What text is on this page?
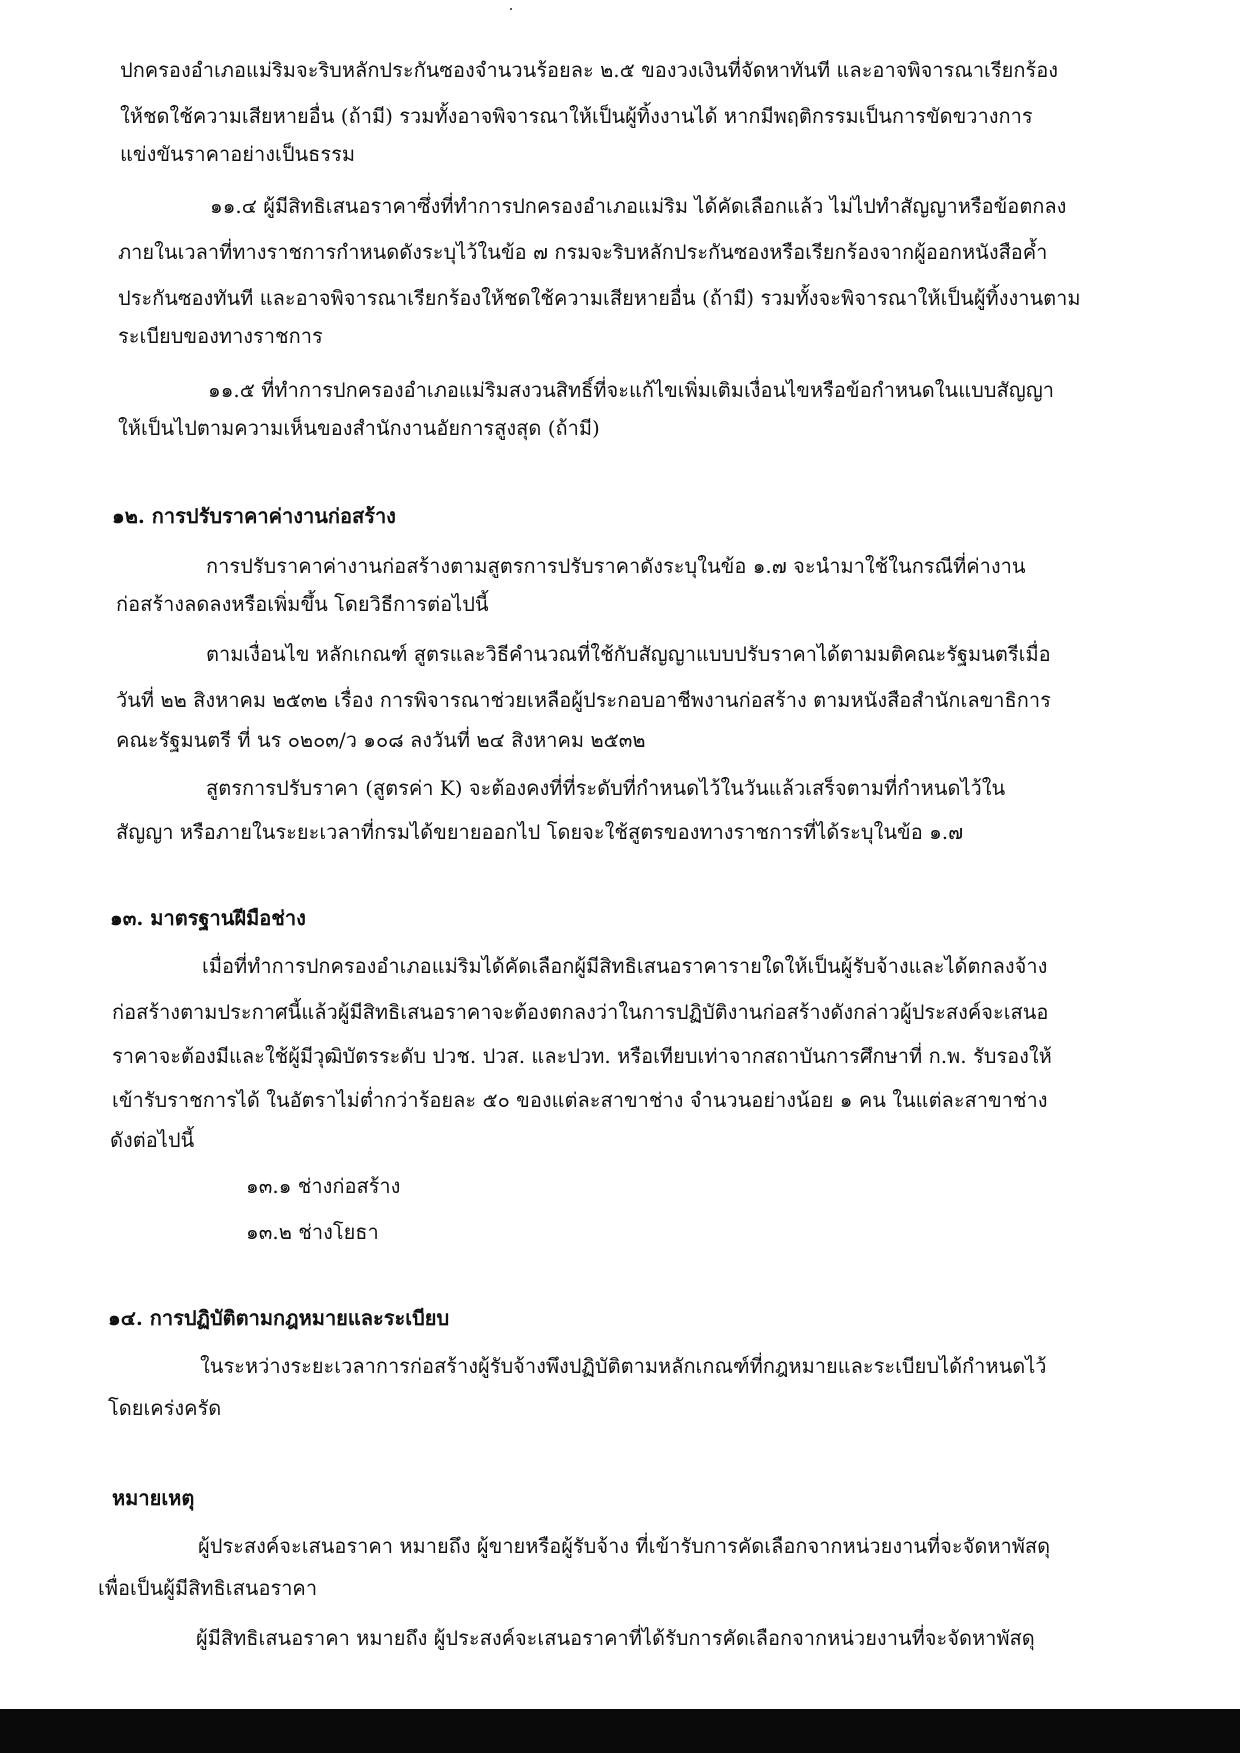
ปกครองอำเภอแม่ริมจะริบหลักประกันซองจำนวนร้อยละ ๒.๕ ของวงเงินที่จัดหาทันที และอาจพิจารณาเรียกร้อง
ให้ชดใช้ความเสียหายอื่น (ถ้ามี) รวมทั้งอาจพิจารณาให้เป็นผู้ทิ้งงานได้ หากมีพฤติกรรมเป็นการขัดขวางการ
แข่งขันราคาอย่างเป็นธรรม
๑๑.๔ ผู้มีสิทธิเสนอราคาซึ่งที่ทำการปกครองอำเภอแม่ริม ได้คัดเลือกแล้ว ไม่ไปทำสัญญาหรือข้อตกลง
ภายในเวลาที่ทางราชการกำหนดดังระบุไว้ในข้อ ๗ กรมจะริบหลักประกันซองหรือเรียกร้องจากผู้ออกหนังสือค้ำ
ประกันซองทันที และอาจพิจารณาเรียกร้องให้ชดใช้ความเสียหายอื่น (ถ้ามี) รวมทั้งจะพิจารณาให้เป็นผู้ทิ้งงานตาม
ระเบียบของทางราชการ
๑๑.๕ ที่ทำการปกครองอำเภอแม่ริมสงวนสิทธิ์ที่จะแก้ไขเพิ่มเติมเงื่อนไขหรือข้อกำหนดในแบบสัญญา
ให้เป็นไปตามความเห็นของสำนักงานอัยการสูงสุด (ถ้ามี)
๑๒. การปรับราคาค่างานก่อสร้าง
การปรับราคาค่างานก่อสร้างตามสูตรการปรับราคาดังระบุในข้อ ๑.๗ จะนำมาใช้ในกรณีที่ค่างาน
ก่อสร้างลดลงหรือเพิ่มขึ้น โดยวิธีการต่อไปนี้
ตามเงื่อนไข หลักเกณฑ์ สูตรและวิธีคำนวณที่ใช้กับสัญญาแบบปรับราคาได้ตามมติคณะรัฐมนตรีเมื่อ
วันที่ ๒๒ สิงหาคม ๒๕๓๒ เรื่อง การพิจารณาช่วยเหลือผู้ประกอบอาชีพงานก่อสร้าง ตามหนังสือสำนักเลขาธิการ
คณะรัฐมนตรี ที่ นร ๐๒๐๓/ว ๑๐๘ ลงวันที่ ๒๔ สิงหาคม ๒๕๓๒
สูตรการปรับราคา (สูตรค่า K) จะต้องคงที่ที่ระดับที่กำหนดไว้ในวันแล้วเสร็จตามที่กำหนดไว้ใน
สัญญา หรือภายในระยะเวลาที่กรมได้ขยายออกไป โดยจะใช้สูตรของทางราชการที่ได้ระบุในข้อ ๑.๗
๑๓. มาตรฐานฝีมือช่าง
เมื่อที่ทำการปกครองอำเภอแม่ริมได้คัดเลือกผู้มีสิทธิเสนอราคารายใดให้เป็นผู้รับจ้างและได้ตกลงจ้าง
ก่อสร้างตามประกาศนี้แล้วผู้มีสิทธิเสนอราคาจะต้องตกลงว่าในการปฏิบัติงานก่อสร้างดังกล่าวผู้ประสงค์จะเสนอ
ราคาจะต้องมีและใช้ผู้มีวุฒิบัตรระดับ ปวช. ปวส. และปวท. หรือเทียบเท่าจากสถาบันการศึกษาที่ ก.พ. รับรองให้
เข้ารับราชการได้ ในอัตราไม่ต่ำกว่าร้อยละ ๕๐ ของแต่ละสาขาช่าง จำนวนอย่างน้อย ๑ คน ในแต่ละสาขาช่าง
ดังต่อไปนี้
๑๓.๑ ช่างก่อสร้าง
๑๓.๒ ช่างโยธา
๑๔. การปฏิบัติตามกฎหมายและระเบียบ
ในระหว่างระยะเวลาการก่อสร้างผู้รับจ้างพึงปฏิบัติตามหลักเกณฑ์ที่กฎหมายและระเบียบได้กำหนดไว้
โดยเคร่งครัด
หมายเหตุ
ผู้ประสงค์จะเสนอราคา หมายถึง ผู้ขายหรือผู้รับจ้าง ที่เข้ารับการคัดเลือกจากหน่วยงานที่จะจัดหาพัสดุ
เพื่อเป็นผู้มีสิทธิเสนอราคา
ผู้มีสิทธิเสนอราคา หมายถึง ผู้ประสงค์จะเสนอราคาที่ได้รับการคัดเลือกจากหน่วยงานที่จะจัดหาพัสดุ
